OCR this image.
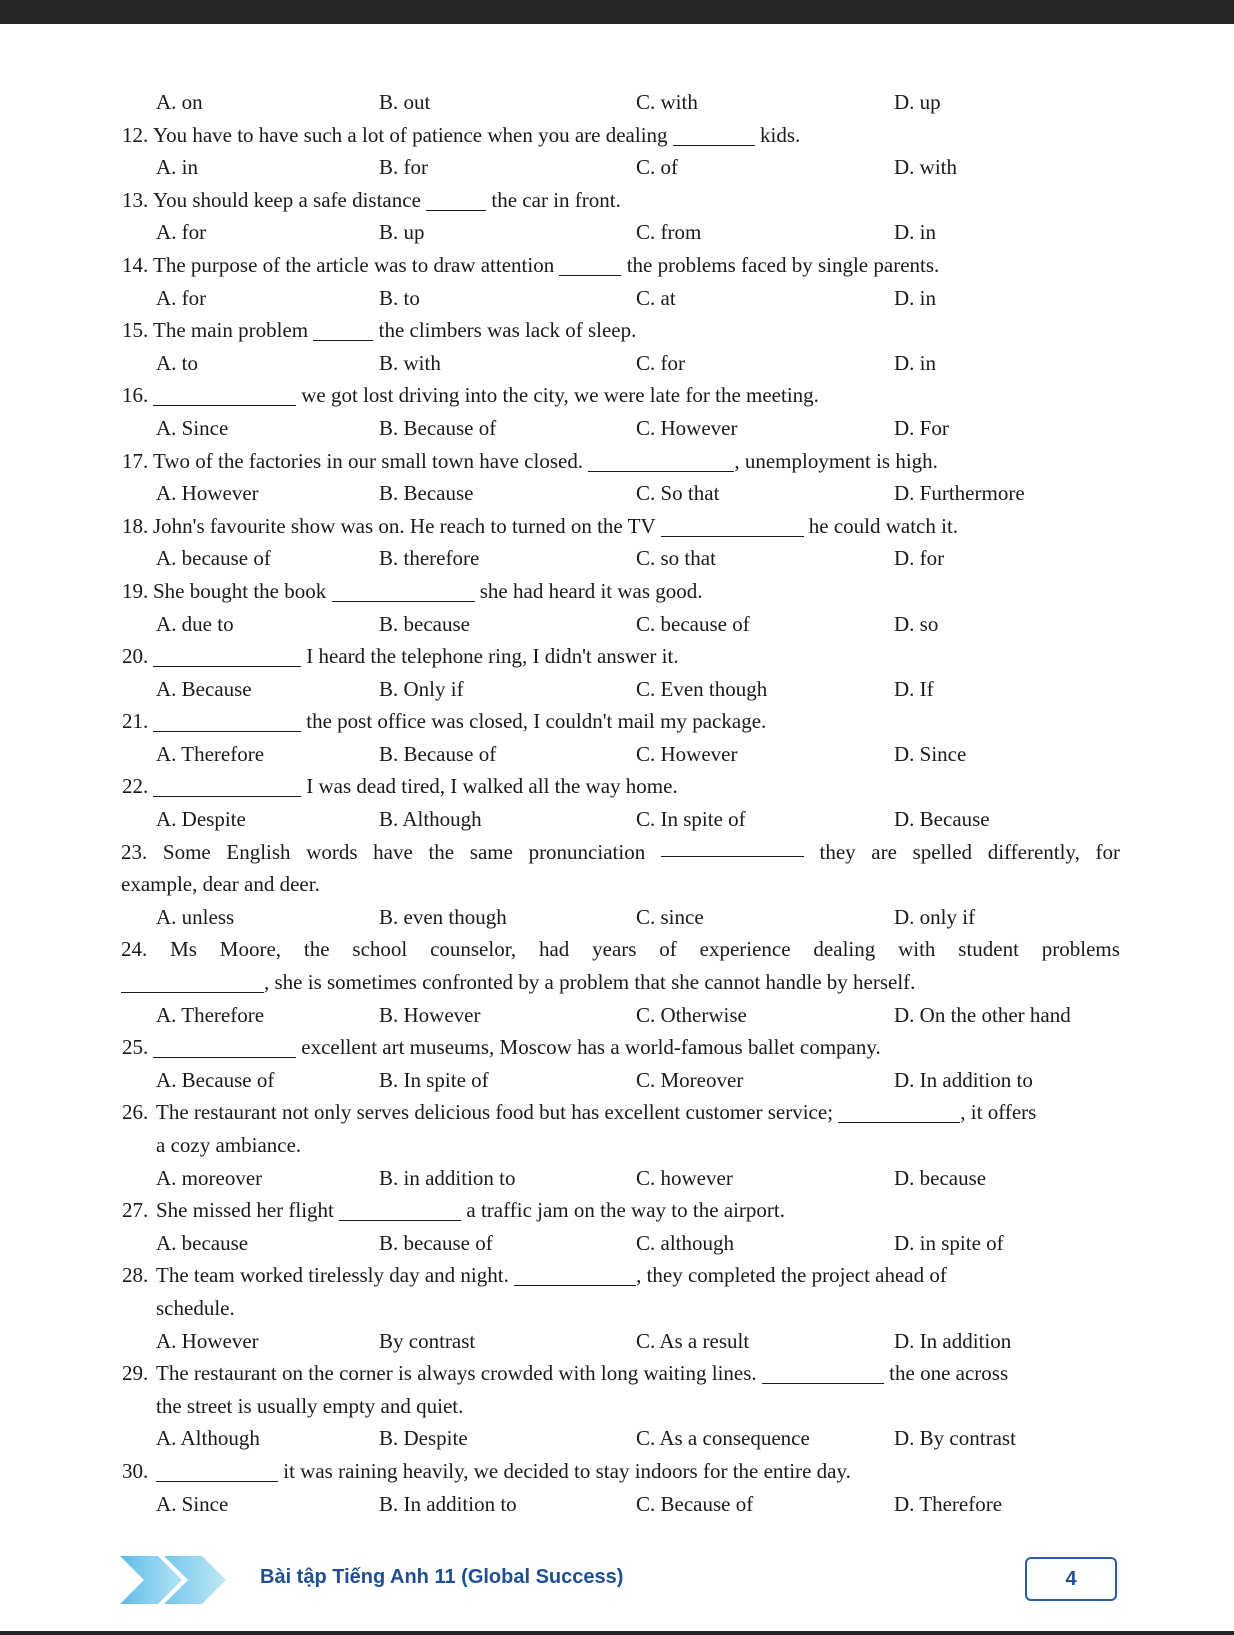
A. on	B. out	C. with	D. up
12. You have to have such a lot of patience when you are dealing	kids.
A. in	B. for	C. of	D. with
13. You should keep a safe distance	the car in front.
A. for	B. up	C. from	D. in
14. The purpose of the article was to draw attention	the problems faced by single parents.
A. for	B. to	C. at	D. in
15. The main problem	the climbers was lack of sleep.
A. to	B. with	C. for	D. in
16.	we got lost driving into the city, we were late for the meeting.
A. Since	B. Because of	C. However	D. For
17. Two of the factories in our small town have closed.	, unemployment is high.
A. However	B. Because	C. So that	D. Furthermore
18. John's favourite show was on. He reach to turned on the TV	he could watch it.
A. because of	B. therefore	C. so that	D. for
19. She bought the book	she had heard it was good.
A. due to	B. because	C. because of	D. so
20.	I heard the telephone ring, I didn't answer it.
A. Because	B. Only if	C. Even though	D. If
21.	the post office was closed, I couldn't mail my package.
A. Therefore	B. Because of	C. However	D. Since
22.	I was dead tired, I walked all the way home.
A. Despite	B. Although	C. In spite of	D. Because
23. Some English words have the same pronunciation	they are spelled differently, for
example, dear and deer.
A. unless	B. even though	C. since	D. only if
24. Ms Moore, the school counselor, had years of experience dealing with student problems
, she is sometimes confronted by a problem that she cannot handle by herself.
A. Therefore	B. However	C. Otherwise	D. On the other hand
25.	excellent art museums, Moscow has a world-famous ballet company.
A. Because of	B. In spite of	C. Moreover	D. In addition to
26. The restaurant not only serves delicious food but has excellent customer service;	, it offers
a cozy ambiance.
A. moreover	B. in addition to	C. however	D. because
27. She missed her flight	a traffic jam on the way to the airport.
A. because	B. because of	C. although	D. in spite of
28. The team worked tirelessly day and night.	, they completed the project ahead of
schedule.
A. However	By contrast	C. As a result	D. In addition
29. The restaurant on the corner is always crowded with long waiting lines.	the one across
the street is usually empty and quiet.
A. Although	B. Despite	C. As a consequence	D. By contrast
30.	it was raining heavily, we decided to stay indoors for the entire day.
A. Since	B. In addition to	C. Because of	D. Therefore
Bài tập Tiếng Anh 11 (Global Success)	4
